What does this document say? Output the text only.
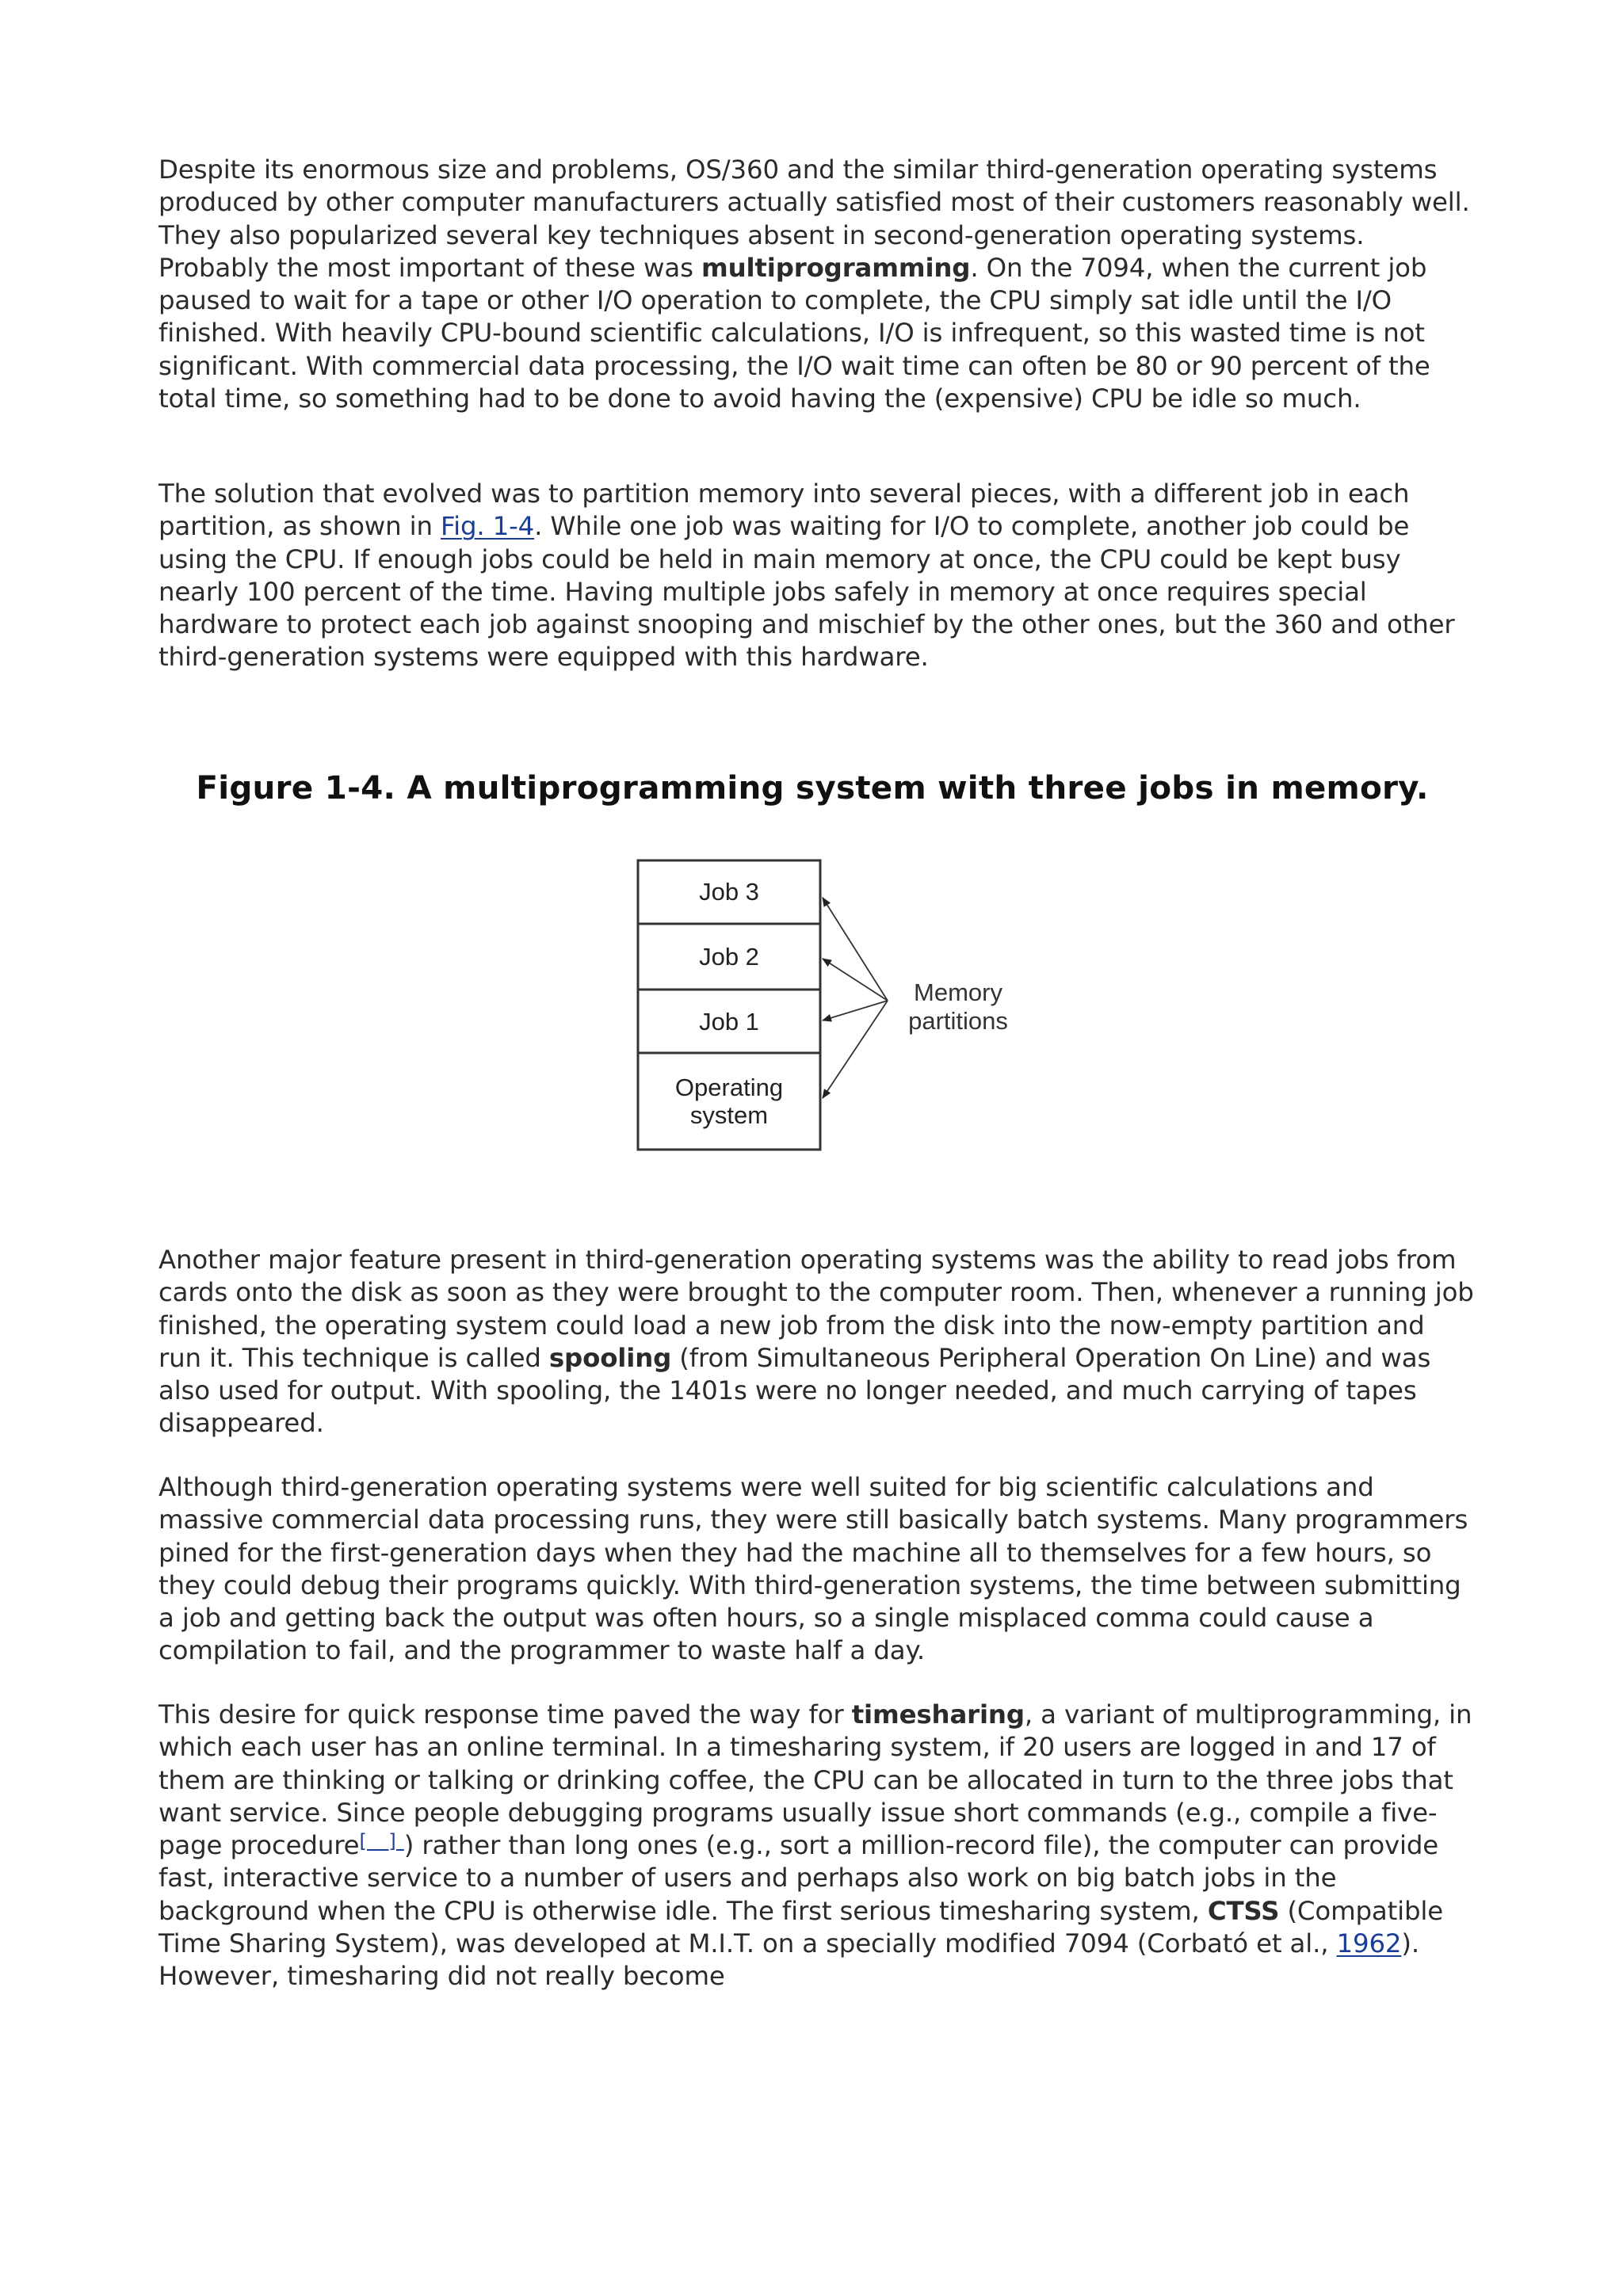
Despite its enormous size and problems, OS/360 and the similar third-generation operating systems produced by other computer manufacturers actually satisfied most of their customers reasonably well. They also popularized several key techniques absent in second-generation operating systems. Probably the most important of these was multiprogramming. On the 7094, when the current job paused to wait for a tape or other I/O operation to complete, the CPU simply sat idle until the I/O finished. With heavily CPU-bound scientific calculations, I/O is infrequent, so this wasted time is not significant. With commercial data processing, the I/O wait time can often be 80 or 90 percent of the total time, so something had to be done to avoid having the (expensive) CPU be idle so much.

The solution that evolved was to partition memory into several pieces, with a different job in each partition, as shown in Fig. 1-4. While one job was waiting for I/O to complete, another job could be using the CPU. If enough jobs could be held in main memory at once, the CPU could be kept busy nearly 100 percent of the time. Having multiple jobs safely in memory at once requires special hardware to protect each job against snooping and mischief by the other ones, but the 360 and other third-generation systems were equipped with this hardware.

Figure 1-4. A multiprogramming system with three jobs in memory.
Job 3
Job 2
Job 1
Operating
system
Memory
partitions

Another major feature present in third-generation operating systems was the ability to read jobs from cards onto the disk as soon as they were brought to the computer room. Then, whenever a running job finished, the operating system could load a new job from the disk into the now-empty partition and run it. This technique is called spooling (from Simultaneous Peripheral Operation On Line) and was also used for output. With spooling, the 1401s were no longer needed, and much carrying of tapes disappeared.

Although third-generation operating systems were well suited for big scientific calculations and massive commercial data processing runs, they were still basically batch systems. Many programmers pined for the first-generation days when they had the machine all to themselves for a few hours, so they could debug their programs quickly. With third-generation systems, the time between submitting a job and getting back the output was often hours, so a single misplaced comma could cause a compilation to fail, and the programmer to waste half a day.

This desire for quick response time paved the way for timesharing, a variant of multiprogramming, in which each user has an online terminal. In a timesharing system, if 20 users are logged in and 17 of them are thinking or talking or drinking coffee, the CPU can be allocated in turn to the three jobs that want service. Since people debugging programs usually issue short commands (e.g., compile a five-page procedure[ ]) rather than long ones (e.g., sort a million-record file), the computer can provide fast, interactive service to a number of users and perhaps also work on big batch jobs in the background when the CPU is otherwise idle. The first serious timesharing system, CTSS (Compatible Time Sharing System), was developed at M.I.T. on a specially modified 7094 (Corbató et al., 1962). However, timesharing did not really become
